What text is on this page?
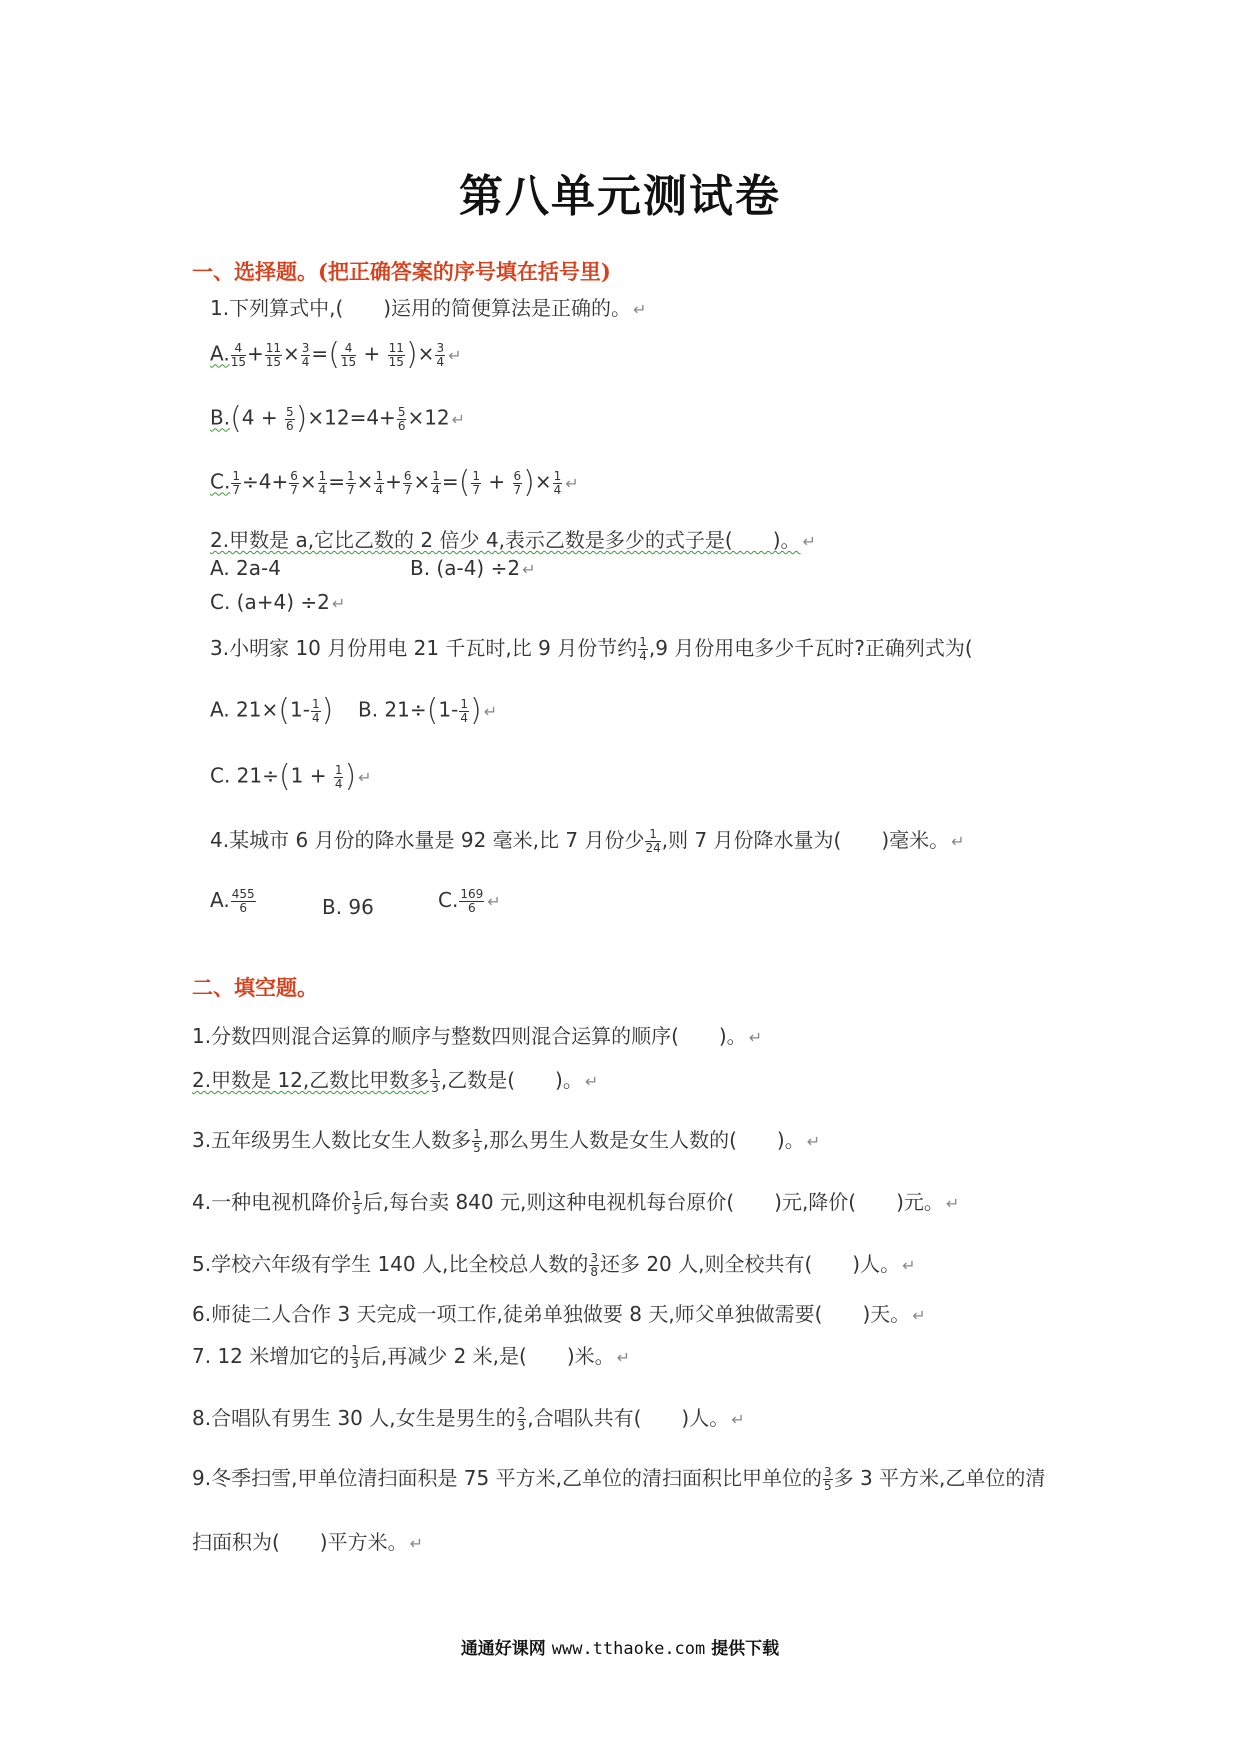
第八单元测试卷
一、选择题。(把正确答案的序号填在括号里)
1.下列算式中,(　　)运用的简便算法是正确的。 ↵
A. $\frac{4}{15} + \frac{11}{15} \times \frac{3}{4}$ =( $\frac{4}{15} + \frac{11}{15}$ )× $\frac{3}{4}$ ↵
$B.(4 + \frac{5}{6} )\times 12=4+ \frac{5}{6} \times 12$ ↵
C. $\frac{1}{7} \div 4+ \frac{6}{7} \times \frac{1}{4} = \frac{1}{7} \times \frac{1}{4} + \frac{6}{7} \times \frac{1}{4}$ =( $\frac{1}{7} + \frac{6}{7}$ )× $\frac{1}{4}$ ↵
2.甲数是 a,它比乙数的 2 倍少 4,表示乙数是多少的式子是(　　)。 ↵
A. 2a-4	B. (a-4) ÷2 ↵
C. (a+4) ÷2 ↵
3.小明家 10 月份用电 21 千瓦时,比 9 月份节约 $\frac{1}{4} ,9$ 月份用电多少千瓦时?正确列式为(
A. $21\times(1- \frac{1}{4}$ ) B. $21\div(1- \frac{1}{4}$ ) ↵
C. $21\div(1 + \frac{1}{4}$ ) ↵
4.某城市 6 月份的降水量是 92 毫米,比 7 月份少 $\frac{1}{24}$ ,则 7 月份降水量为(　　)毫米。 ↵
A. $\frac{455}{6}$	B. 96	C. $\frac{169}{6}$ ↵
二、填空题。
1.分数四则混合运算的顺序与整数四则混合运算的顺序(　　)。 ↵
2.甲数是 12,乙数比甲数多 $\frac{1}{3}$ ,乙数是(　　)。 ↵
3.五年级男生人数比女生人数多 $\frac{1}{5}$ ,那么男生人数是女生人数的(　　)。 ↵
4.一种电视机降价 $\frac{1}{5}$ 后,每台卖 840 元,则这种电视机每台原价(　　)元,降价(　　)元。 ↵
5.学校六年级有学生 140 人,比全校总人数的 $\frac{3}{8}$ 还多 20 人,则全校共有(　　)人。 ↵
6.师徒二人合作 3 天完成一项工作,徒弟单独做要 8 天,师父单独做需要(　　)天。 ↵
7. 12 米增加它的 $\frac{1}{3}$ 后,再减少 2 米,是(　　)米。 ↵
8.合唱队有男生 30 人,女生是男生的 $\frac{2}{3}$ ,合唱队共有(　　)人。 ↵
9.冬季扫雪,甲单位清扫面积是 75 平方米,乙单位的清扫面积比甲单位的 $\frac{3}{5}$ 多 3 平方米,乙单位的清
扫面积为(　　)平方米。 ↵
通通好课网 www.tthaoke.com 提供下载
